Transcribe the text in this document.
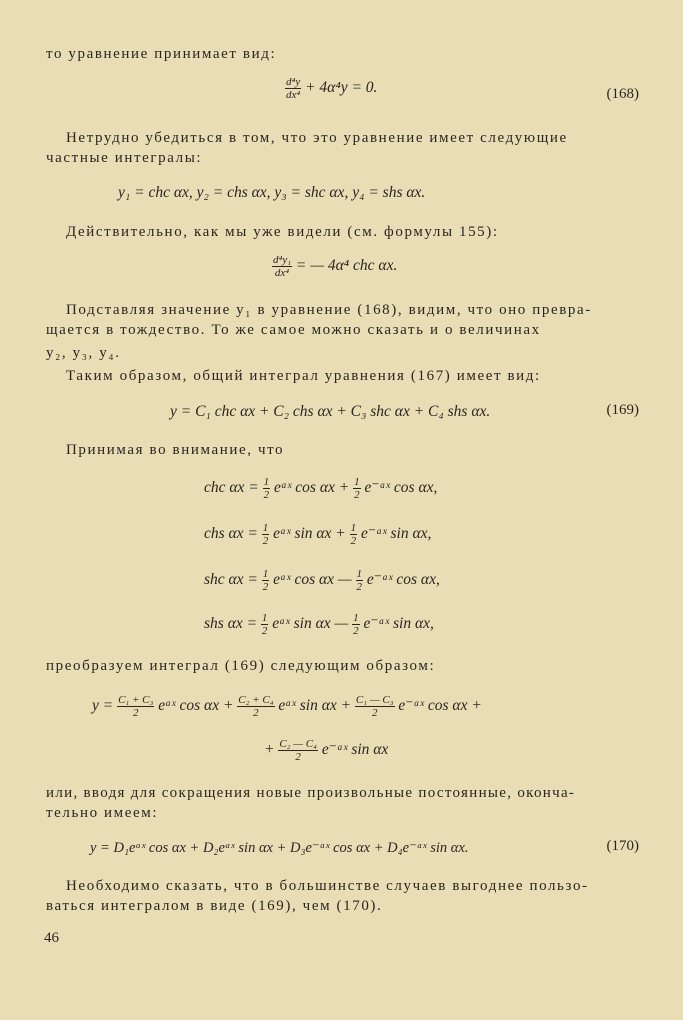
то уравнение принимает вид:
$\frac{\text{d⁴y}}{\text{dx⁴}} + 4\alpha^4y = 0$.	(168)
Нетрудно убедиться в том, что это уравнение имеет следующие
частные интегралы:
y₁ = chc αx, y₂ = chs αx, y₃ = shc αx, y₄ = shs αx.
Действительно, как мы уже видели (см. формулы 155):
$\frac{\text{d⁴y₁}}{\text{dx⁴}}$ = — 4α⁴ chc αx.
Подставляя значение y₁ в уравнение (168), видим, что оно превра-
щается в тождество. То же самое можно сказать и о величинах
y₂, y₃, y₄.
Таким образом, общий интеграл уравнения (167) имеет вид:
y = C₁ chc αx + C₂ chs αx + C₃ shc αx + C₄ shs αx.	(169)
Принимая во внимание, что
chc $\alpha x = \frac{1}{2}$ eᵃˣ $\cos \alpha x + \frac{1}{2}$ e⁻ᵃˣ cos αx,
chs $\alpha x = \frac{1}{2}$ eᵃˣ $\sin \alpha x + \frac{1}{2}$ e⁻ᵃˣ sin αx,
shc $\alpha x = \frac{1}{2}$ eᵃˣ cos αx — $\frac{1}{2}$ e⁻ᵃˣ cos αx,
shs $\alpha x = \frac{1}{2}$ eᵃˣ sin αx — $\frac{1}{2}$ e⁻ᵃˣ sin αx,
преобразуем интеграл (169) следующим образом:
$y = \frac{\text{C₁ + C₃}}{2}$ eᵃˣ $\cos \alpha x + \frac{\text{C₂ + C₄}}{2}$ eᵃˣ $\sin \alpha x + \frac{\text{C₁ — C₃}}{2}$ e⁻ᵃˣ cos αx +
+ $\frac{\text{C₂ — C₄}}{2}$ e⁻ᵃˣ sin αx
или, вводя для сокращения новые произвольные постоянные, оконча-
тельно имеем:
y = D₁eᵃˣ cos αx + D₂eᵃˣ sin αx + D₃e⁻ᵃˣ cos αx + D₄e⁻ᵃˣ sin αx.	(170)
Необходимо сказать, что в большинстве случаев выгоднее пользо-
ваться интегралом в виде (169), чем (170).
46
